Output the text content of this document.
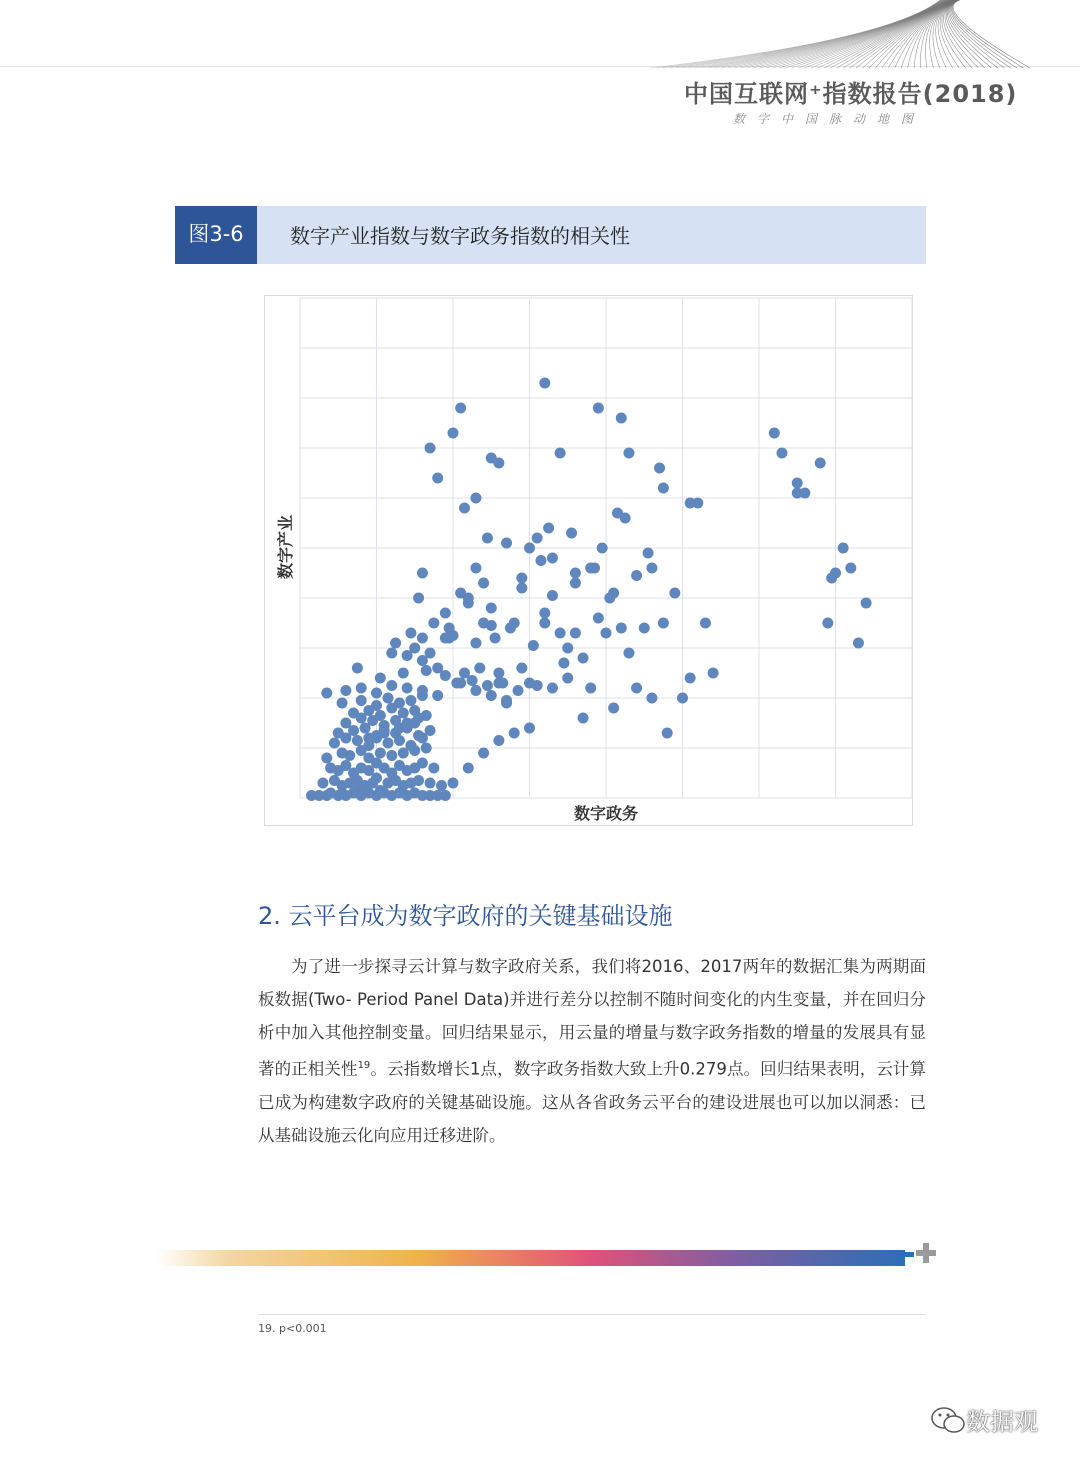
中国互联网⁺指数报告(2018)
数字中国脉动地图
图3-6	数字产业指数与数字政务指数的相关性
数字政务
数字产业
2. 云平台成为数字政府的关键基础设施
为了进一步探寻云计算与数字政府关系，我们将2016、2017两年的数据汇集为两期面板数据(Two- Period Panel Data)并进行差分以控制不随时间变化的内生变量，并在回归分析中加入其他控制变量。回归结果显示，用云量的增量与数字政务指数的增量的发展具有显著的正相关性$^{19}$。云指数增长1点，数字政务指数大致上升0.279点。回归结果表明，云计算已成为构建数字政府的关键基础设施。这从各省政务云平台的建设进展也可以加以洞悉：已从基础设施云化向应用迁移进阶。
19. p<0.001
数据观
